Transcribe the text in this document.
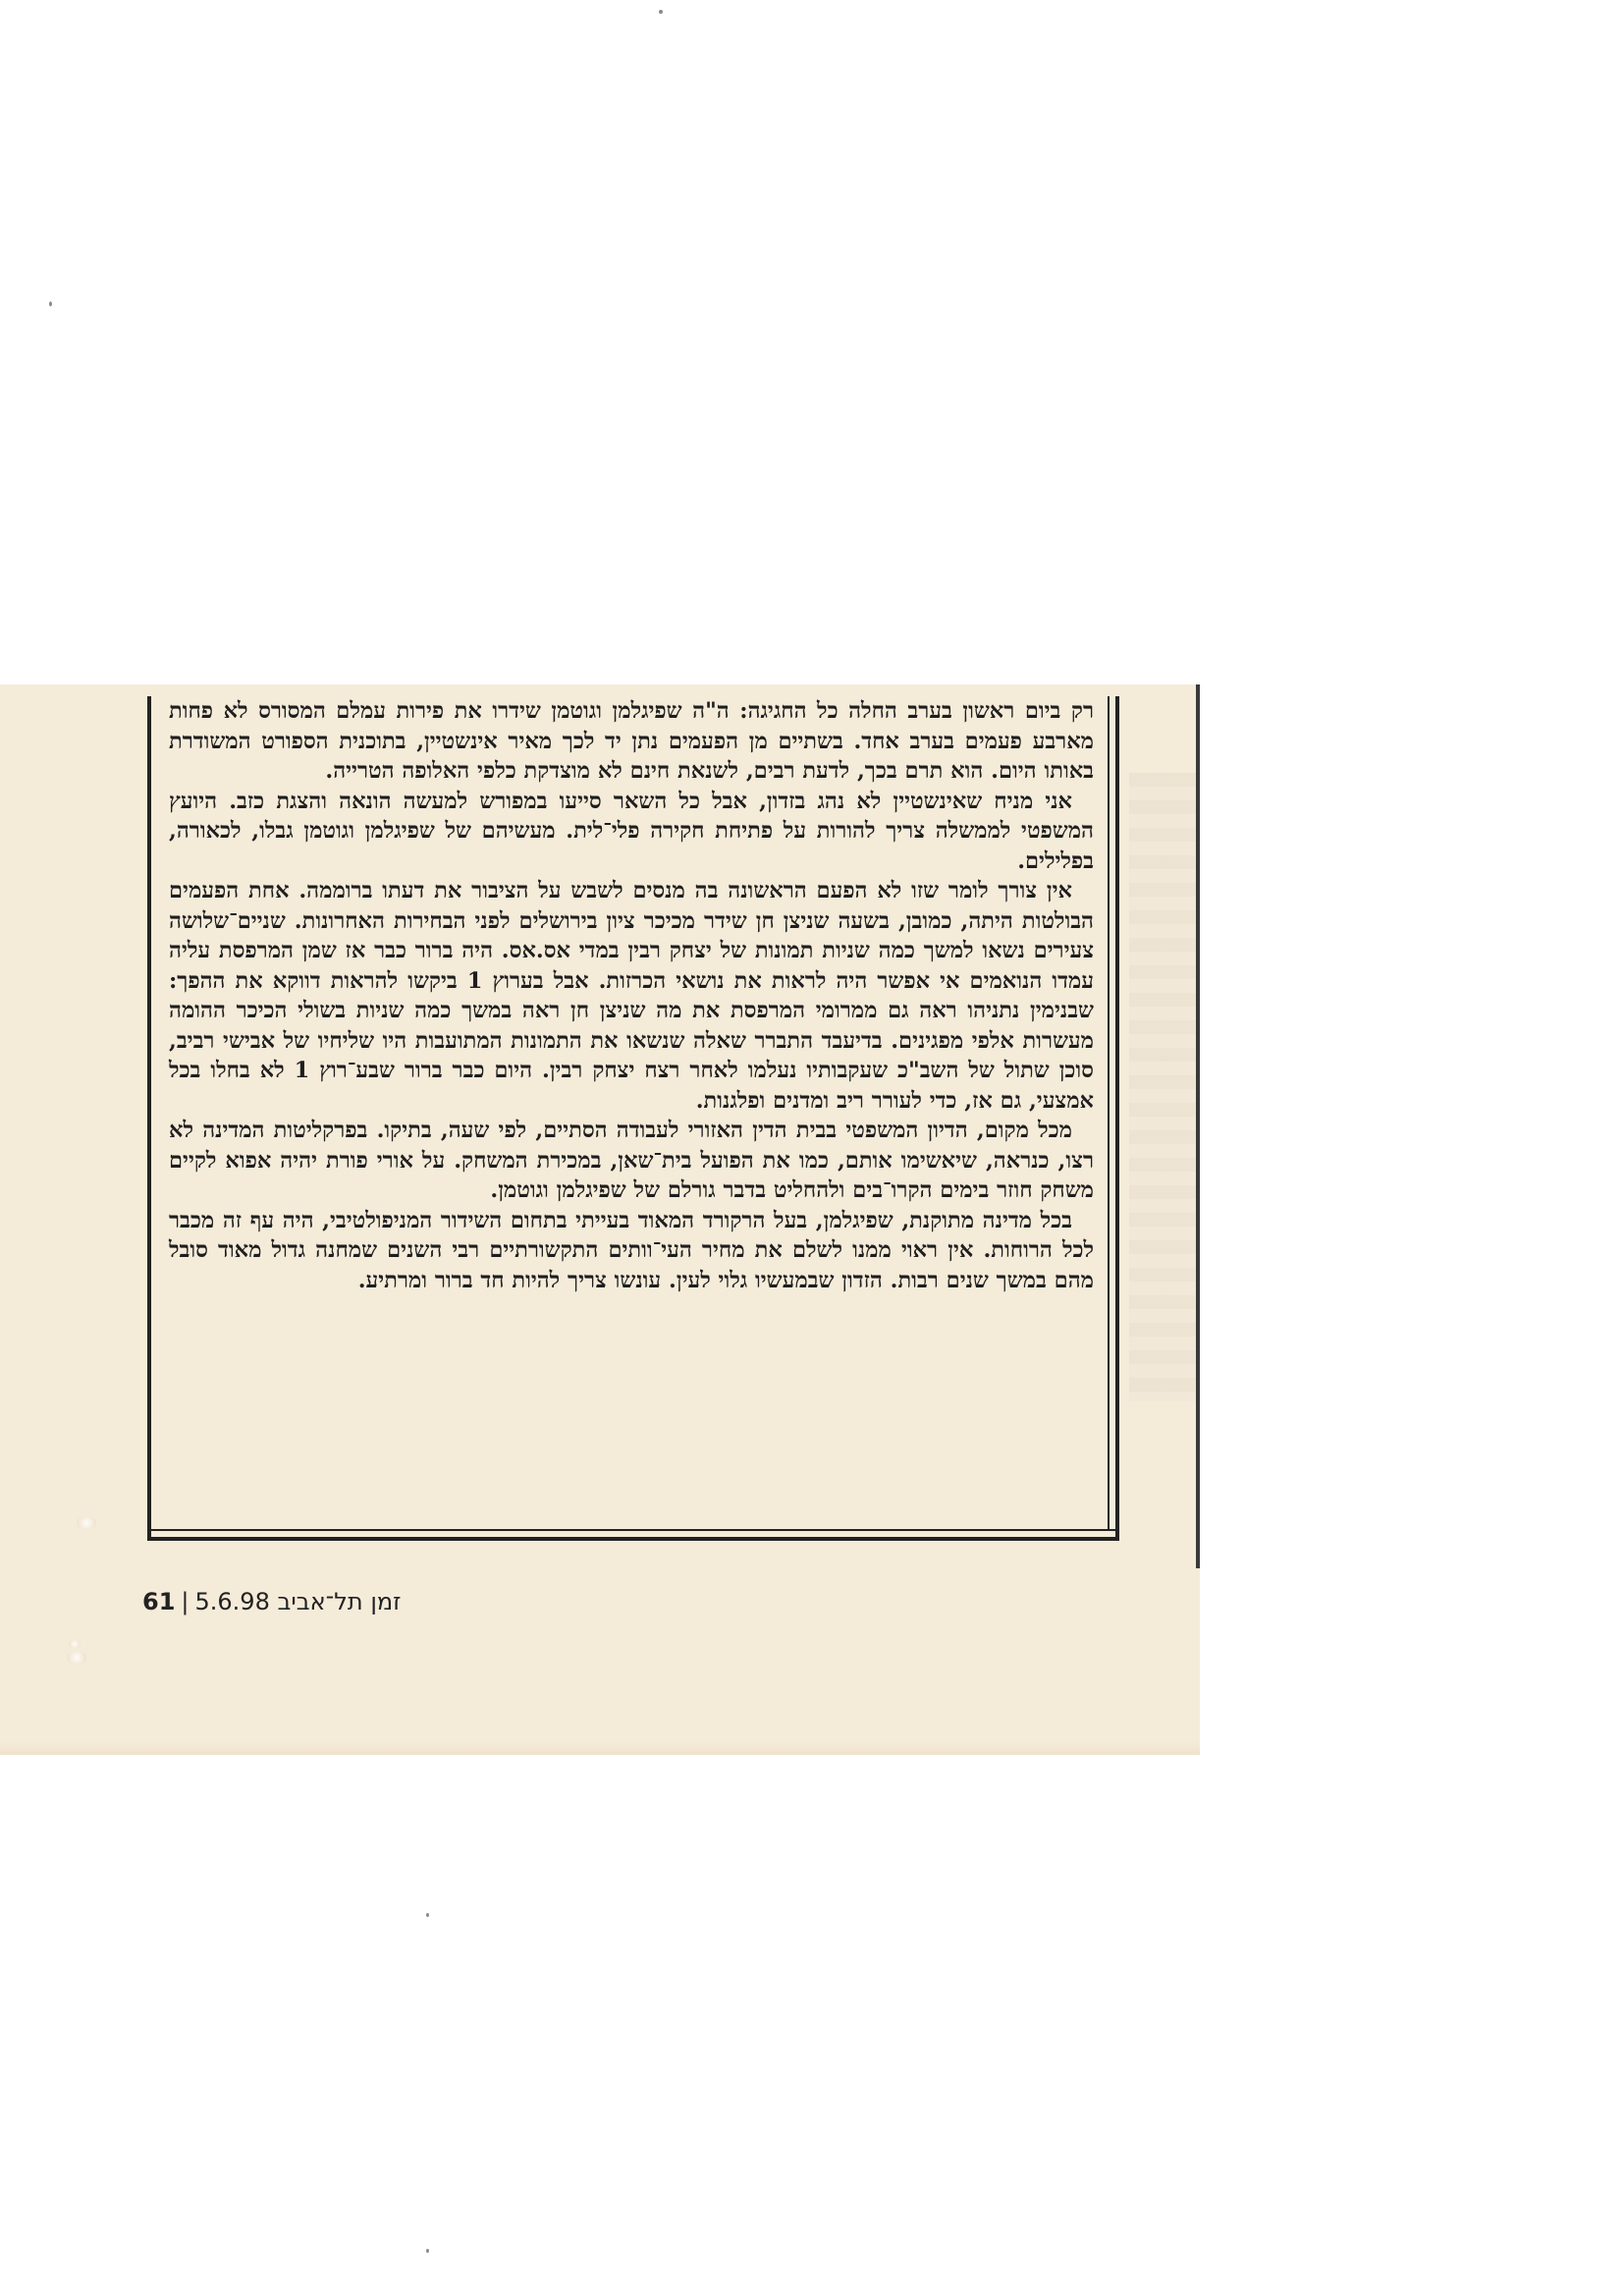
רק ביום ראשון בערב החלה כל החגיגה: ה"ה שפיגלמן וגוטמן שידרו את פירות עמלם המסורס לא פחות מארבע פעמים בערב אחד. בשתיים מן הפעמים נתן יד לכך מאיר אינשטיין, בתוכנית הספורט המשודרת באותו היום. הוא תרם בכך, לדעת רבים, לשנאת חינם לא מוצדקת כלפי האלופה הטרייה.

אני מניח שאינשטיין לא נהג בזדון, אבל כל השאר סייעו במפורש למעשה הונאה והצגת כזב. היועץ המשפטי לממשלה צריך להורות על פתיחת חקירה פלי־לית. מעשיהם של שפיגלמן וגוטמן גבלו, לכאורה, בפלילים.

אין צורך לומר שזו לא הפעם הראשונה בה מנסים לשבש על הציבור את דעתו ברוממה. אחת הפעמים הבולטות היתה, כמובן, בשעה שניצן חן שידר מכיכר ציון בירושלים לפני הבחירות האחרונות. שניים־שלושה צעירים נשאו למשך כמה שניות תמונות של יצחק רבין במדי אס.אס. היה ברור כבר אז שמן המרפסת עליה עמדו הנואמים אי אפשר היה לראות את נושאי הכרזות. אבל בערוץ 1 ביקשו להראות דווקא את ההפך: שבנימין נתניהו ראה גם ממרומי המרפסת את מה שניצן חן ראה במשך כמה שניות בשולי הכיכר ההומה מעשרות אלפי מפגינים. בדיעבד התברר שאלה שנשאו את התמונות המתועבות היו שליחיו של אבישי רביב, סוכן שתול של השב"כ שעקבותיו נעלמו לאחר רצח יצחק רבין. היום כבר ברור שבע־רוץ 1 לא בחלו בכל אמצעי, גם אז, כדי לעורר ריב ומדנים ופלגנות.

מכל מקום, הדיון המשפטי בבית הדין האזורי לעבודה הסתיים, לפי שעה, בתיקו. בפרקליטות המדינה לא רצו, כנראה, שיאשימו אותם, כמו את הפועל בית־שאן, במכירת המשחק. על אורי פורת יהיה אפוא לקיים משחק חוזר בימים הקרו־בים ולהחליט בדבר גורלם של שפיגלמן וגוטמן.

בכל מדינה מתוקנת, שפיגלמן, בעל הרקורד המאוד בעייתי בתחום השידור המניפולטיבי, היה עף זה מכבר לכל הרוחות. אין ראוי ממנו לשלם את מחיר העי־וותים התקשורתיים רבי השנים שמחנה גדול מאוד סובל מהם במשך שנים רבות. הזדון שבמעשיו גלוי לעין. עונשו צריך להיות חד ברור ומרתיע.

61 | 5.6.98 זמן תל־אביב
